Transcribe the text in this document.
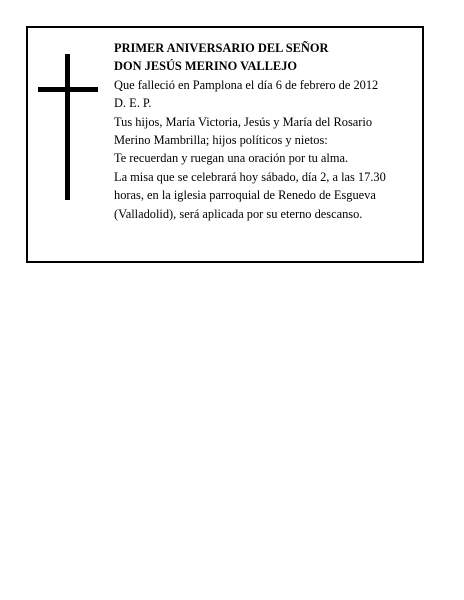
PRIMER ANIVERSARIO DEL SEÑOR
DON JESÚS MERINO VALLEJO
Que falleció en Pamplona el día 6 de febrero de 2012
D. E. P.
Tus hijos, María Victoria, Jesús y María del Rosario
Merino Mambrilla; hijos políticos y nietos:
Te recuerdan y ruegan una oración por tu alma.
La misa que se celebrará hoy sábado, día 2, a las 17.30
horas, en la iglesia parroquial de Renedo de Esgueva
(Valladolid), será aplicada por su eterno descanso.
